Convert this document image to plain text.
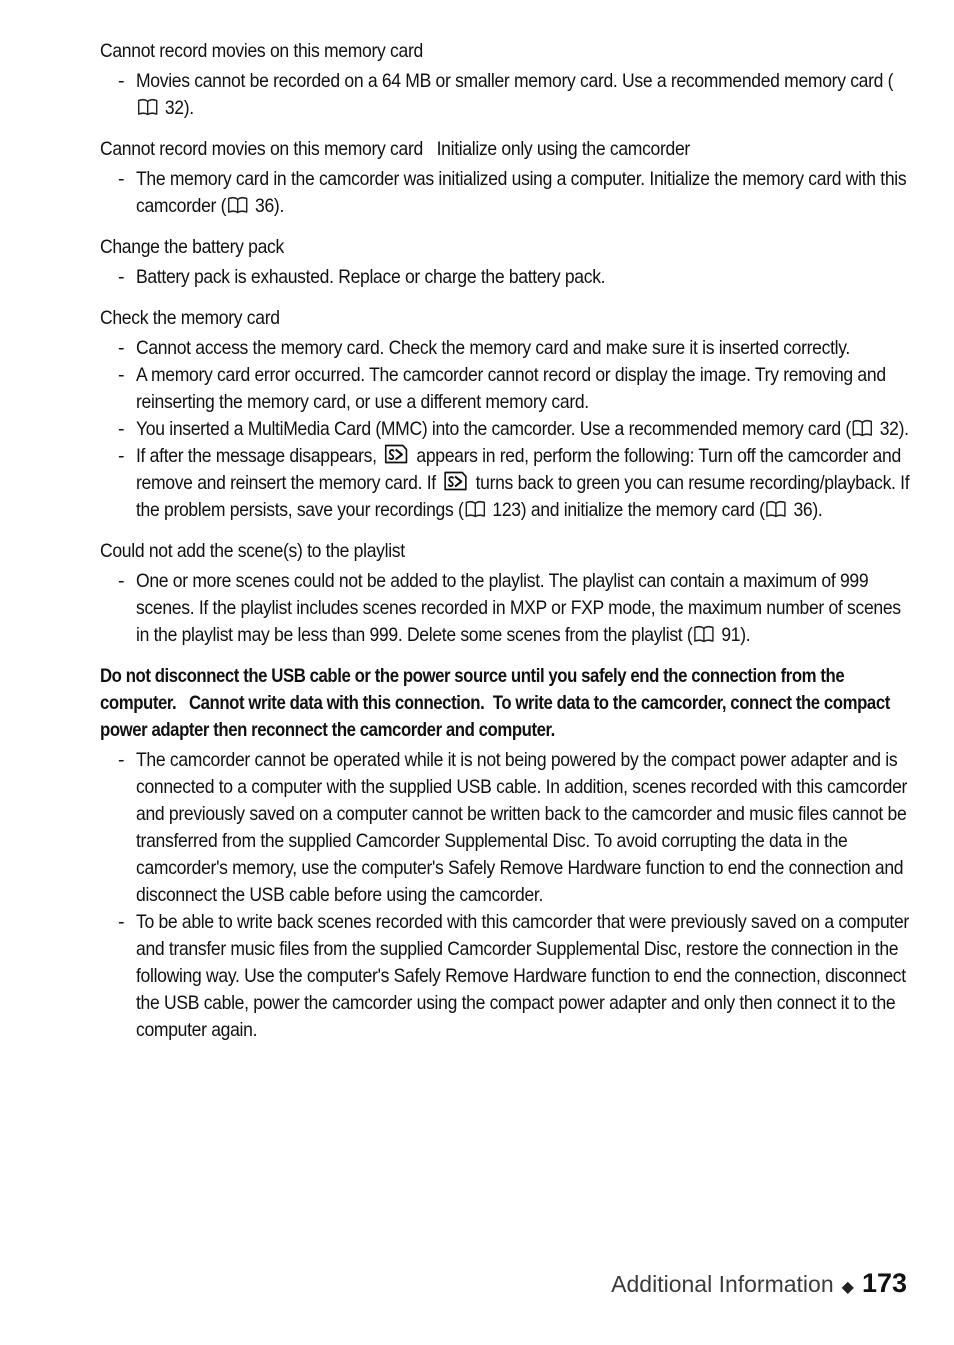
Cannot record movies on this memory card
- Movies cannot be recorded on a 64 MB or smaller memory card. Use a recommended memory card ( 32).
Cannot record movies on this memory card   Initialize only using the camcorder
- The memory card in the camcorder was initialized using a computer. Initialize the memory card with this camcorder ( 36).
Change the battery pack
- Battery pack is exhausted. Replace or charge the battery pack.
Check the memory card
- Cannot access the memory card. Check the memory card and make sure it is inserted correctly.
- A memory card error occurred. The camcorder cannot record or display the image. Try removing and reinserting the memory card, or use a different memory card.
- You inserted a MultiMedia Card (MMC) into the camcorder. Use a recommended memory card ( 32).
- If after the message disappears,  appears in red, perform the following: Turn off the camcorder and remove and reinsert the memory card. If  turns back to green you can resume recording/playback. If the problem persists, save your recordings ( 123) and initialize the memory card ( 36).
Could not add the scene(s) to the playlist
- One or more scenes could not be added to the playlist. The playlist can contain a maximum of 999 scenes. If the playlist includes scenes recorded in MXP or FXP mode, the maximum number of scenes in the playlist may be less than 999. Delete some scenes from the playlist ( 91).
Do not disconnect the USB cable or the power source until you safely end the connection from the computer.   Cannot write data with this connection.  To write data to the camcorder, connect the compact power adapter then reconnect the camcorder and computer.
- The camcorder cannot be operated while it is not being powered by the compact power adapter and is connected to a computer with the supplied USB cable. In addition, scenes recorded with this camcorder and previously saved on a computer cannot be written back to the camcorder and music files cannot be transferred from the supplied Camcorder Supplemental Disc. To avoid corrupting the data in the camcorder's memory, use the computer's Safely Remove Hardware function to end the connection and disconnect the USB cable before using the camcorder.
- To be able to write back scenes recorded with this camcorder that were previously saved on a computer and transfer music files from the supplied Camcorder Supplemental Disc, restore the connection in the following way. Use the computer's Safely Remove Hardware function to end the connection, disconnect the USB cable, power the camcorder using the compact power adapter and only then connect it to the computer again.
Additional Information ◆ 173
